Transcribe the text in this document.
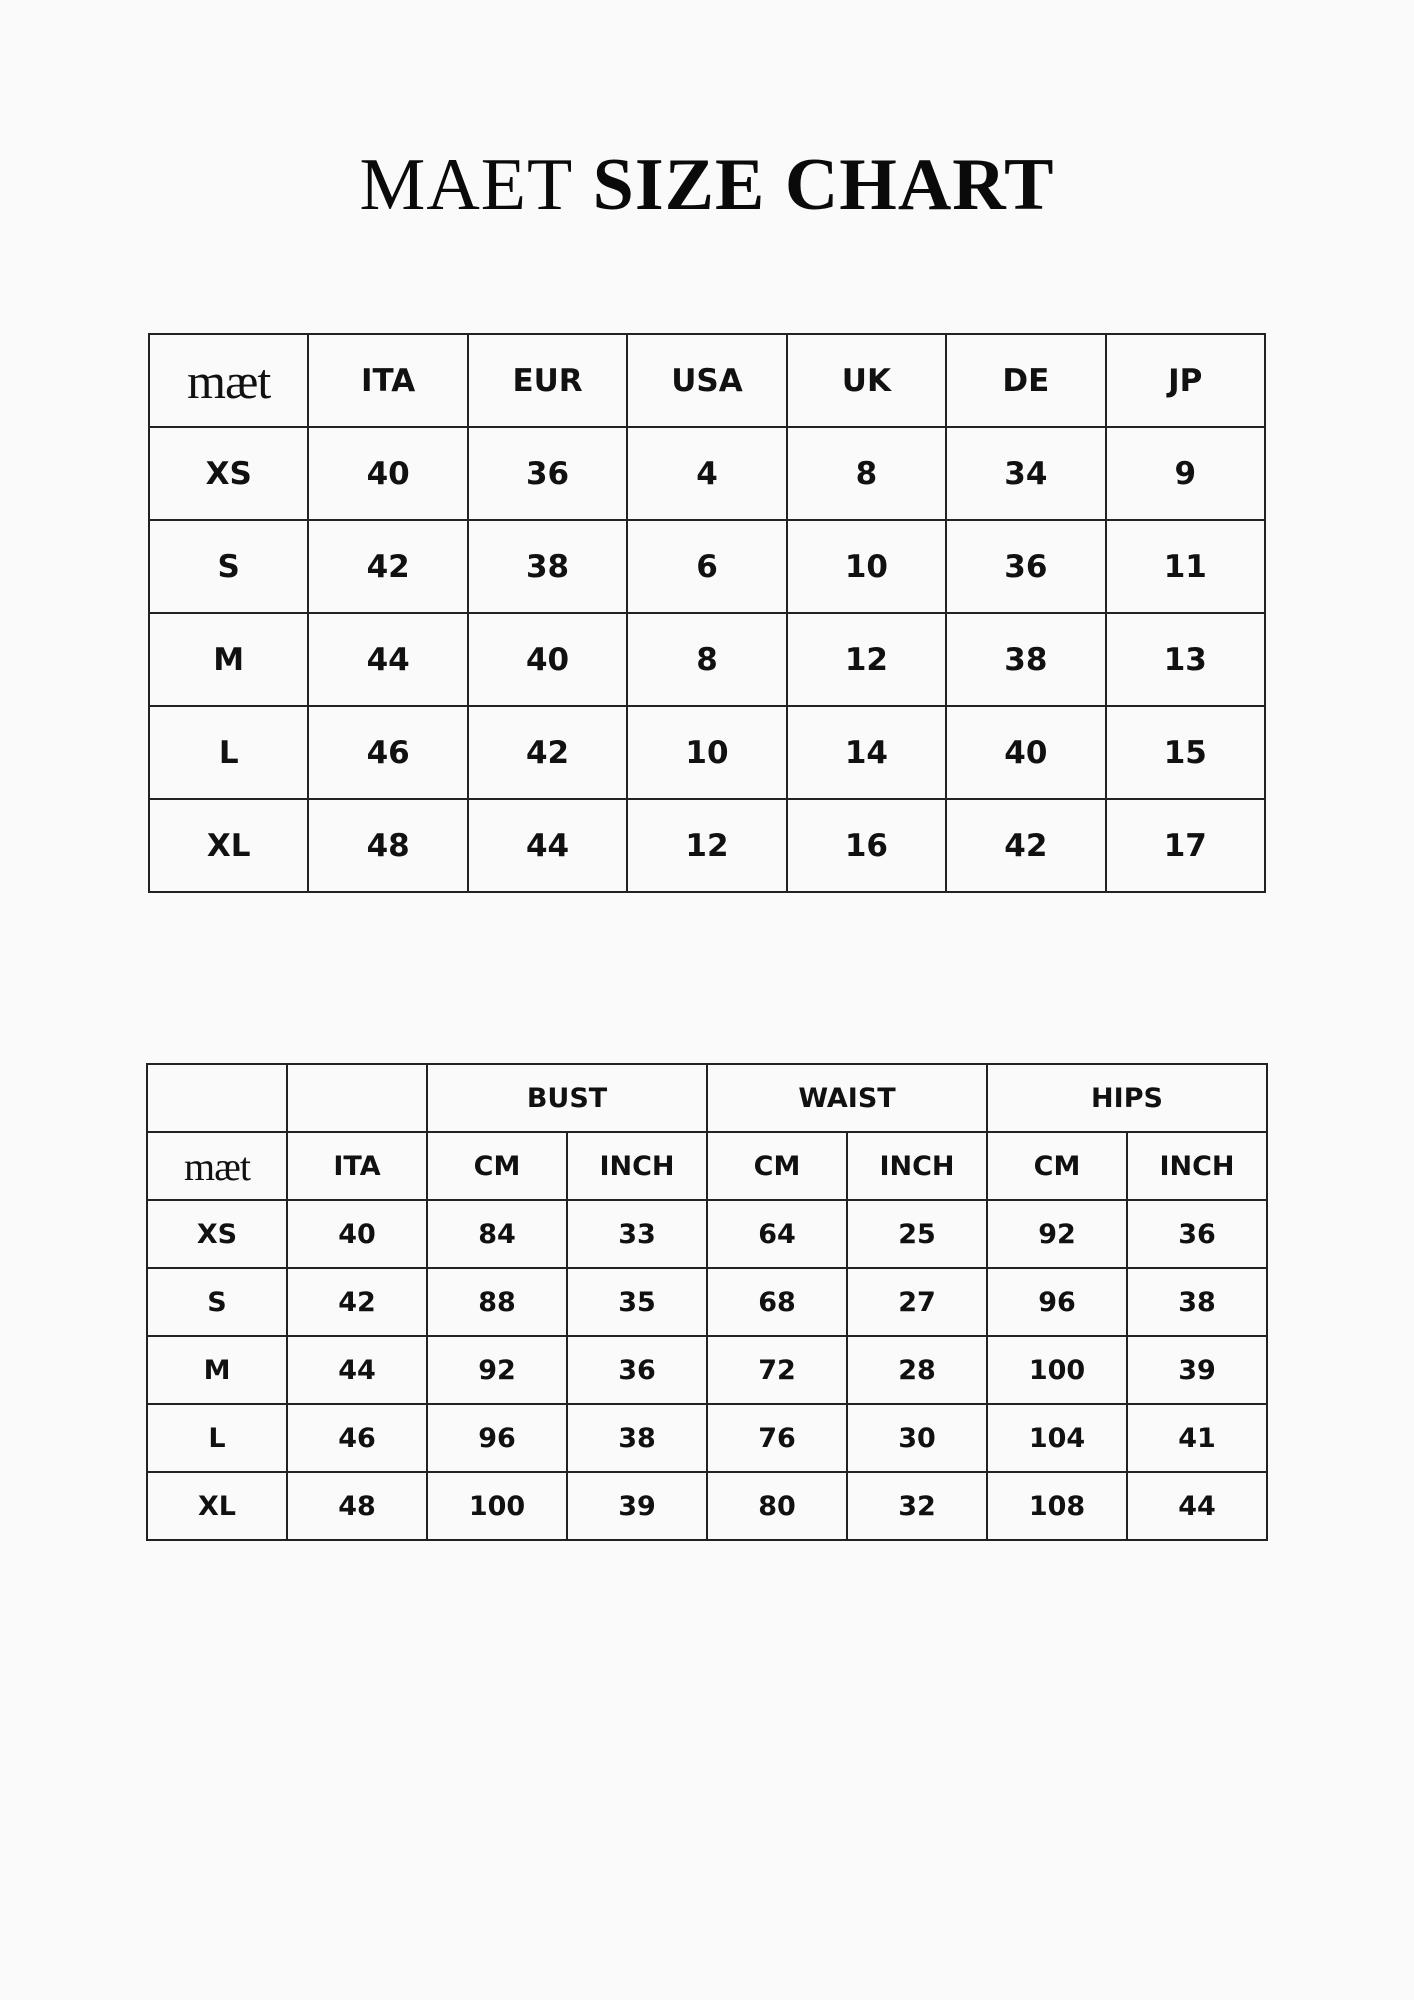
MAET SIZE CHART
mæt	ITA	EUR	USA	UK	DE	JP
XS	40	36	4	8	34	9
S	42	38	6	10	36	11
M	44	40	8	12	38	13
L	46	42	10	14	40	15
XL	48	44	12	16	42	17
		BUST		WAIST		HIPS	
mæt	ITA	CM	INCH	CM	INCH	CM	INCH
XS	40	84	33	64	25	92	36
S	42	88	35	68	27	96	38
M	44	92	36	72	28	100	39
L	46	96	38	76	30	104	41
XL	48	100	39	80	32	108	44
